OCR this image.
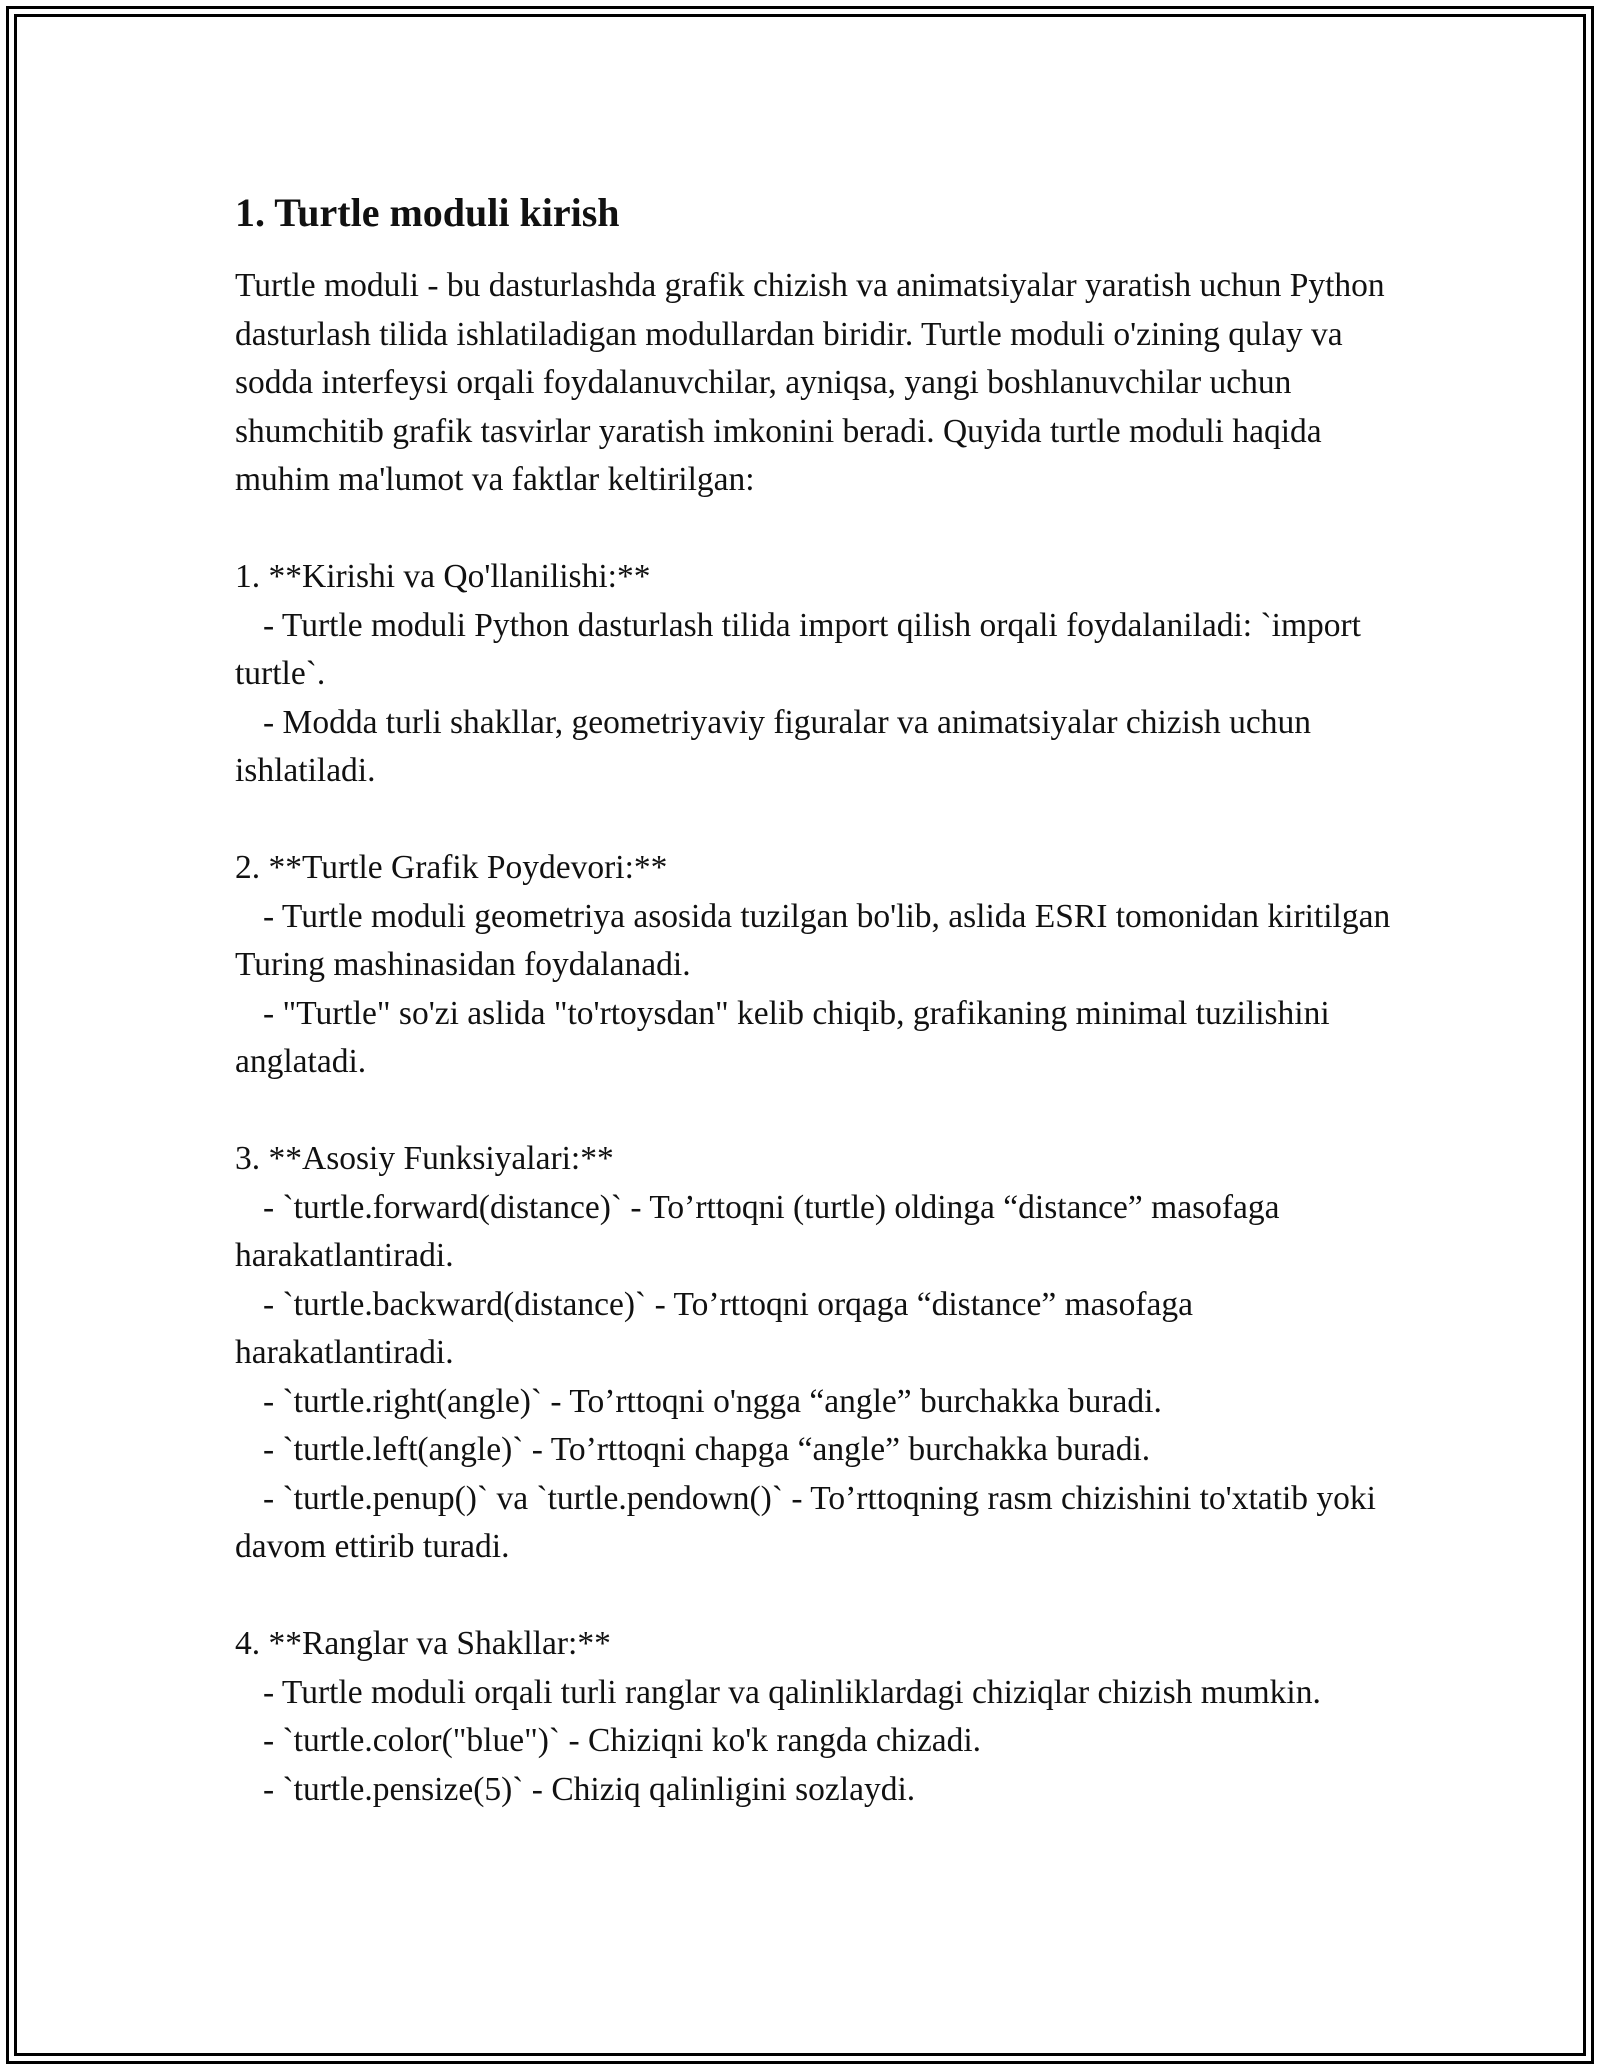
1. Turtle moduli kirish

Turtle moduli - bu dasturlashda grafik chizish va animatsiyalar yaratish uchun Python dasturlash tilida ishlatiladigan modullardan biridir. Turtle moduli o'zining qulay va sodda interfeysi orqali foydalanuvchilar, ayniqsa, yangi boshlanuvchilar uchun shumchitib grafik tasvirlar yaratish imkonini beradi. Quyida turtle moduli haqida muhim ma'lumot va faktlar keltirilgan:

1. **Kirishi va Qo'llanilishi:**

- Turtle moduli Python dasturlash tilida import qilish orqali foydalaniladi: `import turtle`.

- Modda turli shakllar, geometriyaviy figuralar va animatsiyalar chizish uchun ishlatiladi.

2. **Turtle Grafik Poydevori:**

- Turtle moduli geometriya asosida tuzilgan bo'lib, aslida ESRI tomonidan kiritilgan Turing mashinasidan foydalanadi.

- "Turtle" so'zi aslida "to'rtoysdan" kelib chiqib, grafikaning minimal tuzilishini anglatadi.

3. **Asosiy Funksiyalari:**

- `turtle.forward(distance)` - To’rttoqni (turtle) oldinga “distance” masofaga harakatlantiradi.

- `turtle.backward(distance)` - To’rttoqni orqaga “distance” masofaga harakatlantiradi.

- `turtle.right(angle)` - To’rttoqni o'ngga “angle” burchakka buradi.

- `turtle.left(angle)` - To’rttoqni chapga “angle” burchakka buradi.

- `turtle.penup()` va `turtle.pendown()` - To’rttoqning rasm chizishini to'xtatib yoki davom ettirib turadi.

4. **Ranglar va Shakllar:**

- Turtle moduli orqali turli ranglar va qalinliklardagi chiziqlar chizish mumkin.

- `turtle.color("blue")` - Chiziqni ko'k rangda chizadi.

- `turtle.pensize(5)` - Chiziq qalinligini sozlaydi.
